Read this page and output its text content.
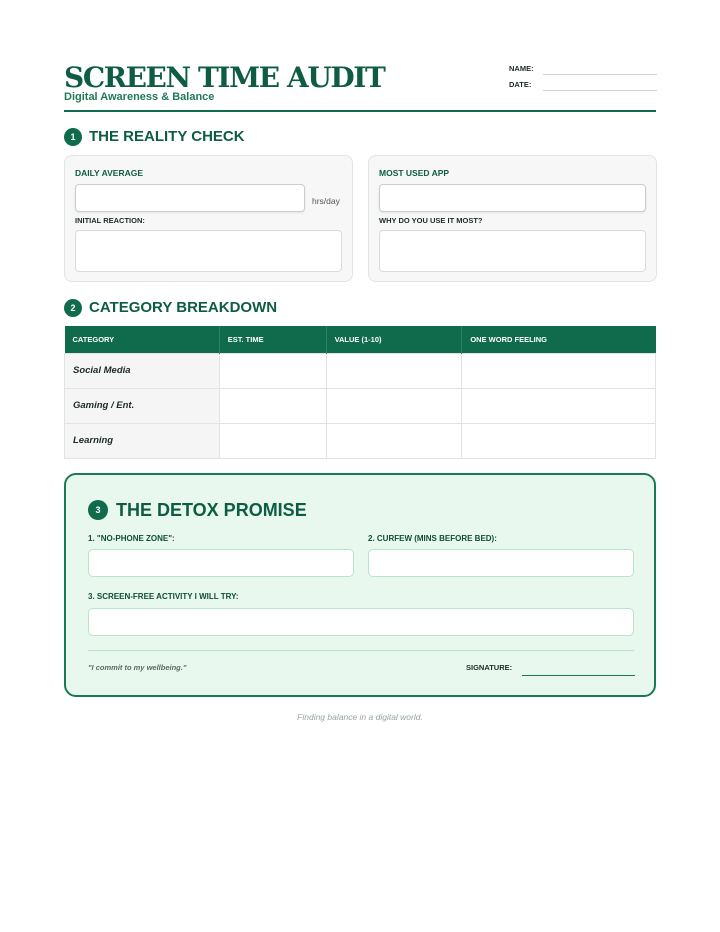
SCREEN TIME AUDIT
Digital Awareness & Balance
NAME:
DATE:
1 THE REALITY CHECK
DAILY AVERAGE
hrs/day
INITIAL REACTION:
MOST USED APP
WHY DO YOU USE IT MOST?
2 CATEGORY BREAKDOWN
CATEGORY	EST. TIME	VALUE (1-10)	ONE WORD FEELING
Social Media			
Gaming / Ent.			
Learning			
3 THE DETOX PROMISE
1. "NO-PHONE ZONE":	2. CURFEW (MINS BEFORE BED):
3. SCREEN-FREE ACTIVITY I WILL TRY:
"I commit to my wellbeing."	SIGNATURE:
Finding balance in a digital world.
